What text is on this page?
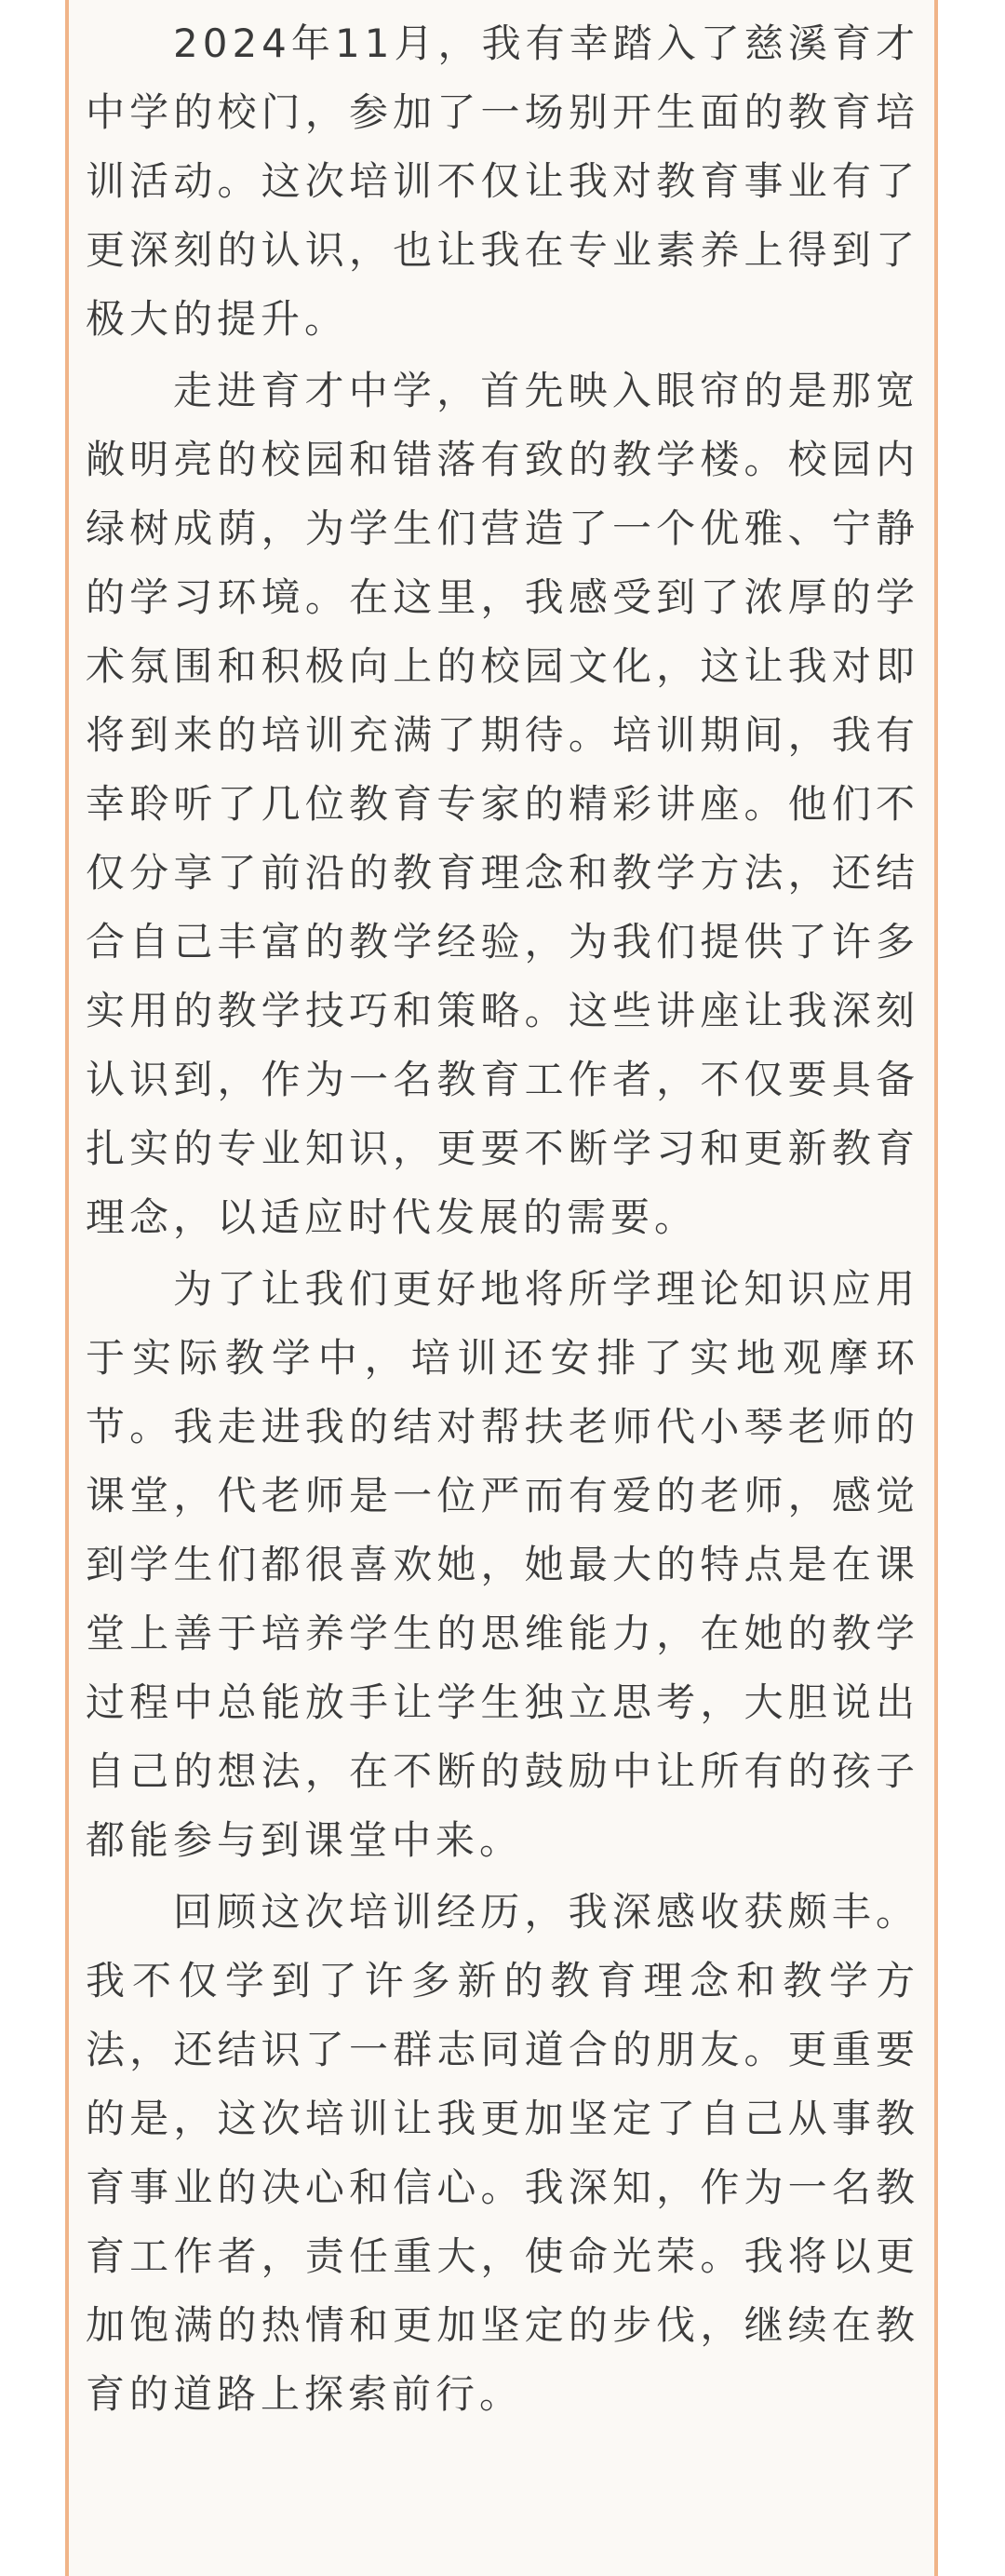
2024年11月，我有幸踏入了慈溪育才中学的校门，参加了一场别开生面的教育培训活动。这次培训不仅让我对教育事业有了更深刻的认识，也让我在专业素养上得到了极大的提升。

走进育才中学，首先映入眼帘的是那宽敞明亮的校园和错落有致的教学楼。校园内绿树成荫，为学生们营造了一个优雅、宁静的学习环境。在这里，我感受到了浓厚的学术氛围和积极向上的校园文化，这让我对即将到来的培训充满了期待。培训期间，我有幸聆听了几位教育专家的精彩讲座。他们不仅分享了前沿的教育理念和教学方法，还结合自己丰富的教学经验，为我们提供了许多实用的教学技巧和策略。这些讲座让我深刻认识到，作为一名教育工作者，不仅要具备扎实的专业知识，更要不断学习和更新教育理念，以适应时代发展的需要。

为了让我们更好地将所学理论知识应用于实际教学中，培训还安排了实地观摩环节。我走进我的结对帮扶老师代小琴老师的课堂，代老师是一位严而有爱的老师，感觉到学生们都很喜欢她，她最大的特点是在课堂上善于培养学生的思维能力，在她的教学过程中总能放手让学生独立思考，大胆说出自己的想法，在不断的鼓励中让所有的孩子都能参与到课堂中来。

回顾这次培训经历，我深感收获颇丰。我不仅学到了许多新的教育理念和教学方法，还结识了一群志同道合的朋友。更重要的是，这次培训让我更加坚定了自己从事教育事业的决心和信心。我深知，作为一名教育工作者，责任重大，使命光荣。我将以更加饱满的热情和更加坚定的步伐，继续在教育的道路上探索前行。
